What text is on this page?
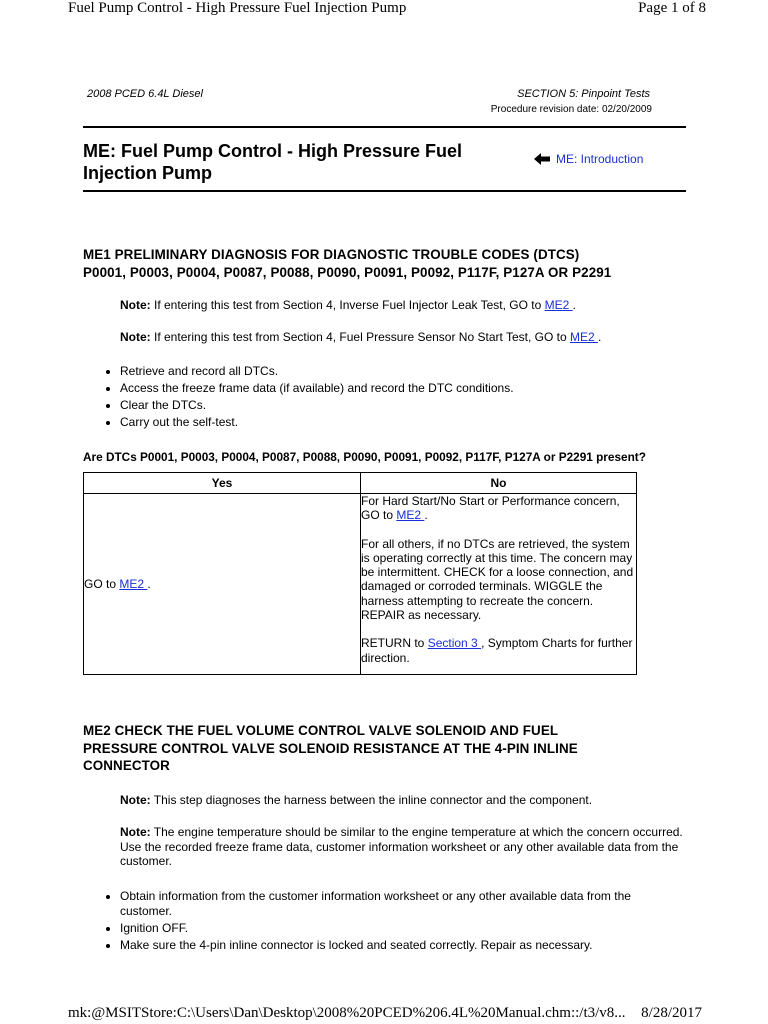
Fuel Pump Control - High Pressure Fuel Injection Pump	Page 1 of 8
2008 PCED 6.4L Diesel	SECTION 5: Pinpoint Tests
Procedure revision date: 02/20/2009
ME: Fuel Pump Control - High Pressure Fuel
Injection Pump
ME: Introduction
ME1 PRELIMINARY DIAGNOSIS FOR DIAGNOSTIC TROUBLE CODES (DTCS)
P0001, P0003, P0004, P0087, P0088, P0090, P0091, P0092, P117F, P127A OR P2291
Note: If entering this test from Section 4, Inverse Fuel Injector Leak Test, GO to ME2 .
Note: If entering this test from Section 4, Fuel Pressure Sensor No Start Test, GO to ME2 .
• Retrieve and record all DTCs.
• Access the freeze frame data (if available) and record the DTC conditions.
• Clear the DTCs.
• Carry out the self-test.
Are DTCs P0001, P0003, P0004, P0087, P0088, P0090, P0091, P0092, P117F, P127A or P2291 present?
Yes	No
GO to ME2 .	For Hard Start/No Start or Performance concern, GO to ME2 .

For all others, if no DTCs are retrieved, the system is operating correctly at this time. The concern may be intermittent. CHECK for a loose connection, and damaged or corroded terminals. WIGGLE the harness attempting to recreate the concern. REPAIR as necessary.

RETURN to Section 3 , Symptom Charts for further direction.

ME2 CHECK THE FUEL VOLUME CONTROL VALVE SOLENOID AND FUEL
PRESSURE CONTROL VALVE SOLENOID RESISTANCE AT THE 4-PIN INLINE
CONNECTOR
Note: This step diagnoses the harness between the inline connector and the component.
Note: The engine temperature should be similar to the engine temperature at which the concern occurred. Use the recorded freeze frame data, customer information worksheet or any other available data from the customer.
• Obtain information from the customer information worksheet or any other available data from the customer.
• Ignition OFF.
• Make sure the 4-pin inline connector is locked and seated correctly. Repair as necessary.
mk:@MSITStore:C:\Users\Dan\Desktop\2008%20PCED%206.4L%20Manual.chm::/t3/v8... 8/28/2017
